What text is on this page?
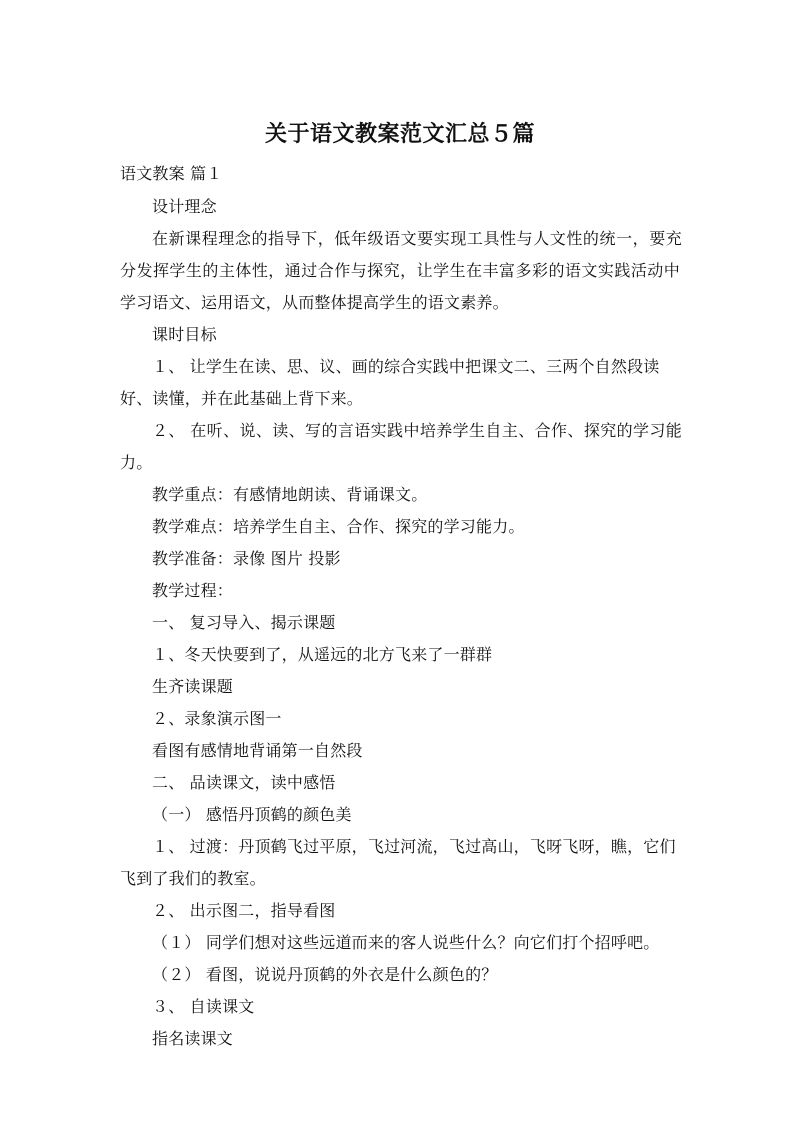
关于语文教案范文汇总５篇
语文教案 篇１
设计理念
在新课程理念的指导下，低年级语文要实现工具性与人文性的统一，要充
分发挥学生的主体性，通过合作与探究，让学生在丰富多彩的语文实践活动中
学习语文、运用语文，从而整体提高学生的语文素养。
课时目标
１、 让学生在读、思、议、画的综合实践中把课文二、三两个自然段读
好、读懂，并在此基础上背下来。
２、 在听、说、读、写的言语实践中培养学生自主、合作、探究的学习能
力。
教学重点：有感情地朗读、背诵课文。
教学难点：培养学生自主、合作、探究的学习能力。
教学准备：录像 图片 投影
教学过程：
一、 复习导入、揭示课题
１、冬天快要到了，从遥远的北方飞来了一群群
生齐读课题
２、录象演示图一
看图有感情地背诵第一自然段
二、 品读课文，读中感悟
（一） 感悟丹顶鹤的颜色美
１、 过渡：丹顶鹤飞过平原，飞过河流，飞过高山，飞呀飞呀，瞧，它们
飞到了我们的教室。
２、 出示图二，指导看图
（１） 同学们想对这些远道而来的客人说些什么？向它们打个招呼吧。
（２） 看图，说说丹顶鹤的外衣是什么颜色的？
３、 自读课文
指名读课文
